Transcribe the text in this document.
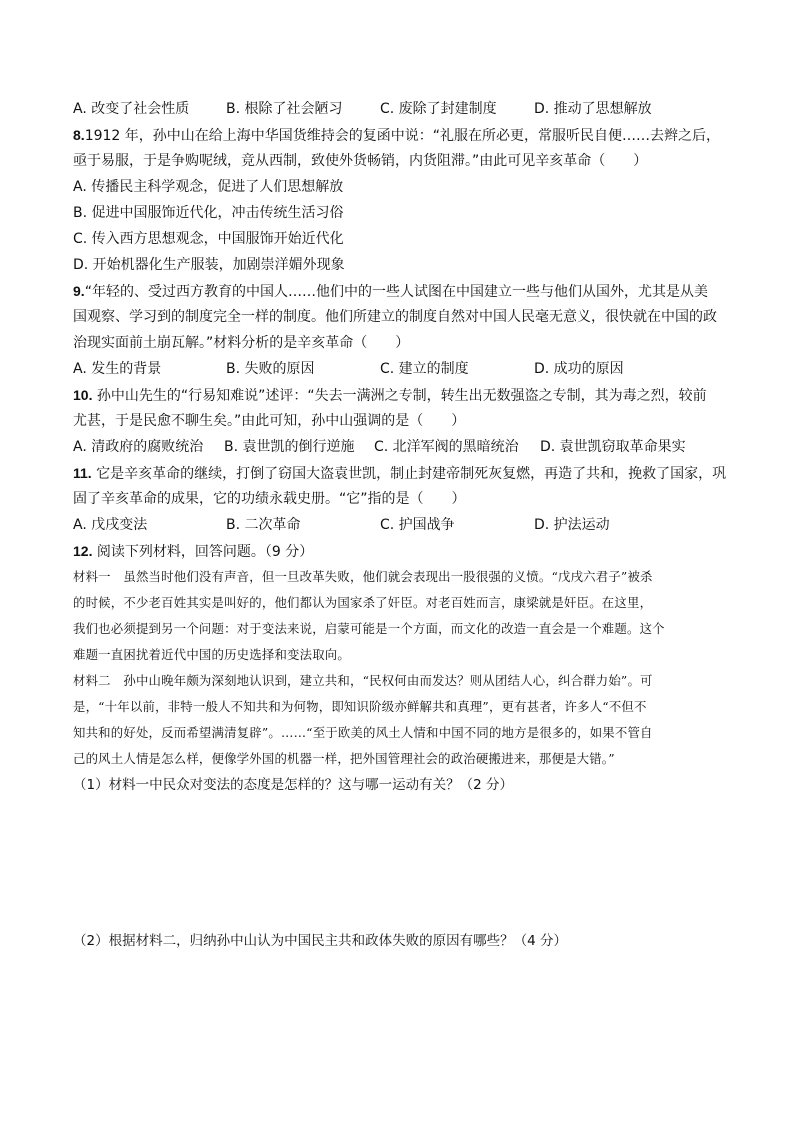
A. 改变了社会性质	B. 根除了社会陋习	C. 废除了封建制度	D. 推动了思想解放
8.1912 年，孙中山在给上海中华国货维持会的复函中说：“礼服在所必更，常服听民自便……去辫之后，
亟于易服，于是争购呢绒，竞从西制，致使外货畅销，内货阻滞。”由此可见辛亥革命（　　）
A. 传播民主科学观念，促进了人们思想解放
B. 促进中国服饰近代化，冲击传统生活习俗
C. 传入西方思想观念，中国服饰开始近代化
D. 开始机器化生产服装，加剧崇洋媚外现象
9.“年轻的、受过西方教育的中国人……他们中的一些人试图在中国建立一些与他们从国外，尤其是从美
国观察、学习到的制度完全一样的制度。他们所建立的制度自然对中国人民毫无意义，很快就在中国的政
治现实面前土崩瓦解。”材料分析的是辛亥革命（　　）
A. 发生的背景	B. 失败的原因	C. 建立的制度	D. 成功的原因
10. 孙中山先生的“行易知难说”述评：“失去一满洲之专制，转生出无数强盗之专制，其为毒之烈，较前
尤甚，于是民愈不聊生矣。”由此可知，孙中山强调的是（　　）
A. 清政府的腐败统治 B. 袁世凯的倒行逆施 C. 北洋军阀的黑暗统治 D. 袁世凯窃取革命果实
11. 它是辛亥革命的继续，打倒了窃国大盗袁世凯，制止封建帝制死灰复燃，再造了共和，挽救了国家，巩
固了辛亥革命的成果，它的功绩永载史册。“它”指的是（　　）
A. 戊戌变法	B. 二次革命	C. 护国战争	D. 护法运动
12. 阅读下列材料，回答问题。（9 分）
材料一　虽然当时他们没有声音，但一旦改革失败，他们就会表现出一股很强的义愤。“戊戌六君子”被杀
的时候，不少老百姓其实是叫好的，他们都认为国家杀了奸臣。对老百姓而言，康梁就是奸臣。在这里，
我们也必须提到另一个问题：对于变法来说，启蒙可能是一个方面，而文化的改造一直会是一个难题。这个
难题一直困扰着近代中国的历史选择和变法取向。
材料二　孙中山晚年颇为深刻地认识到，建立共和，“民权何由而发达？则从团结人心，纠合群力始”。可
是，“十年以前，非特一般人不知共和为何物，即知识阶级亦鲜解共和真理”，更有甚者，许多人“不但不
知共和的好处，反而希望满清复辟”。……“至于欧美的风土人情和中国不同的地方是很多的，如果不管自
己的风土人情是怎么样，便像学外国的机器一样，把外国管理社会的政治硬搬进来，那便是大错。”
（1）材料一中民众对变法的态度是怎样的？这与哪一运动有关？（2 分）
（2）根据材料二，归纳孙中山认为中国民主共和政体失败的原因有哪些？（4 分）
